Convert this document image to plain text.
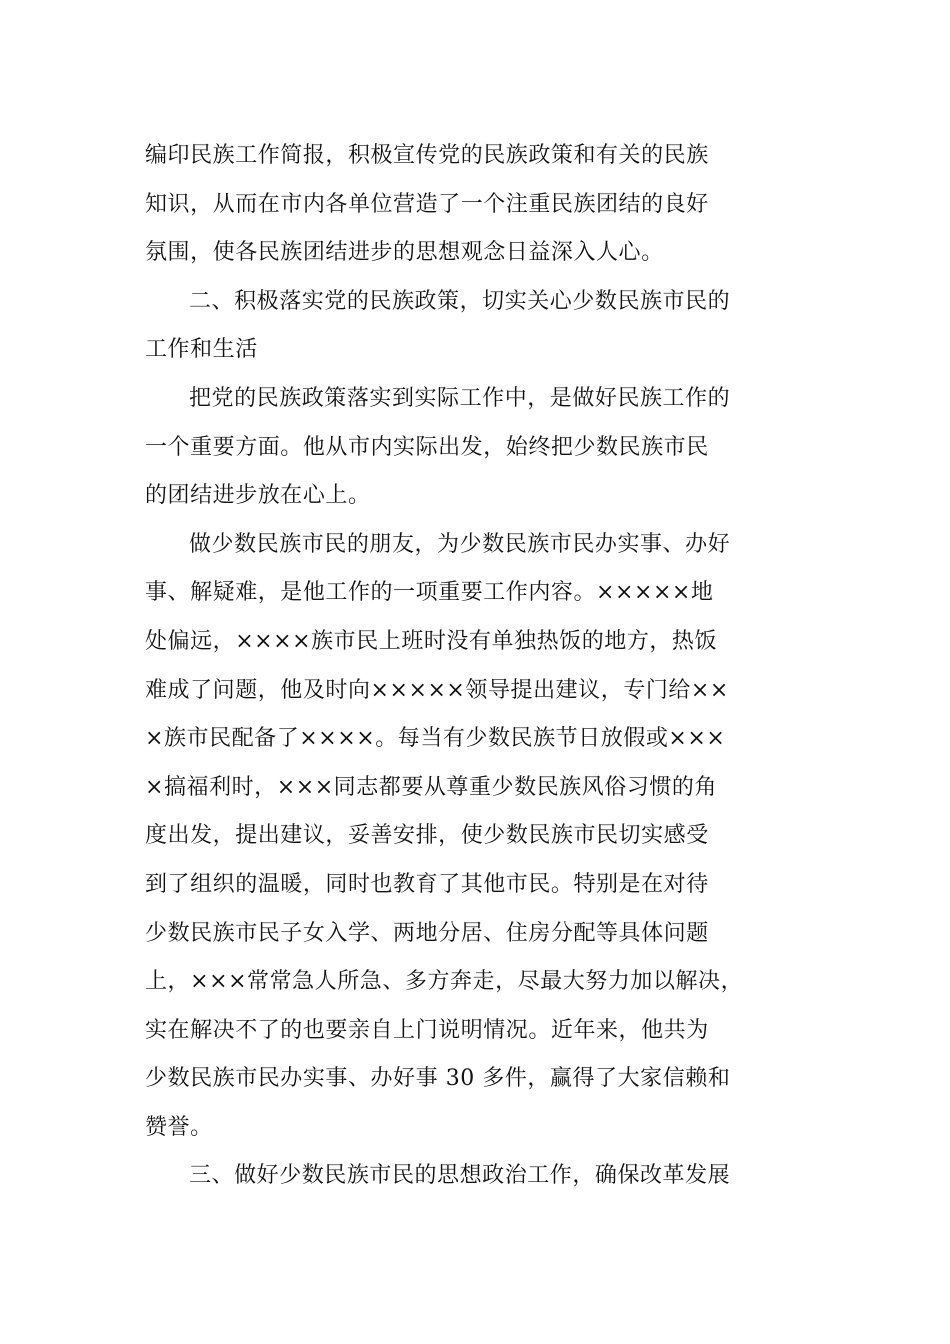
编印民族工作简报，积极宣传党的民族政策和有关的民族
知识，从而在市内各单位营造了一个注重民族团结的良好
氛围，使各民族团结进步的思想观念日益深入人心。
二、积极落实党的民族政策，切实关心少数民族市民的
工作和生活
把党的民族政策落实到实际工作中，是做好民族工作的
一个重要方面。他从市内实际出发，始终把少数民族市民
的团结进步放在心上。
做少数民族市民的朋友，为少数民族市民办实事、办好
事、解疑难，是他工作的一项重要工作内容。×××××地
处偏远，××××族市民上班时没有单独热饭的地方，热饭
难成了问题，他及时向×××××领导提出建议，专门给××
×族市民配备了××××。每当有少数民族节日放假或×××
×搞福利时，×××同志都要从尊重少数民族风俗习惯的角
度出发，提出建议，妥善安排，使少数民族市民切实感受
到了组织的温暖，同时也教育了其他市民。特别是在对待
少数民族市民子女入学、两地分居、住房分配等具体问题
上，×××常常急人所急、多方奔走，尽最大努力加以解决，
实在解决不了的也要亲自上门说明情况。近年来，他共为
少数民族市民办实事、办好事 30 多件，赢得了大家信赖和
赞誉。
三、做好少数民族市民的思想政治工作，确保改革发展
